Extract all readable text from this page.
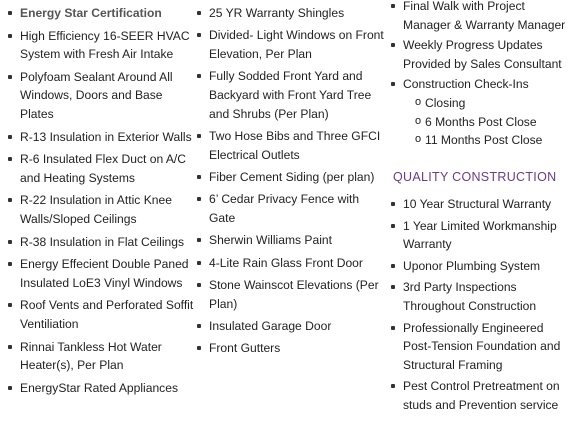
Energy Star Certification
High Efficiency 16-SEER HVAC System with Fresh Air Intake
Polyfoam Sealant Around All Windows, Doors and Base Plates
R-13 Insulation in Exterior Walls
R-6 Insulated Flex Duct on A/C and Heating Systems
R-22 Insulation in Attic Knee Walls/Sloped Ceilings
R-38 Insulation in Flat Ceilings
Energy Effecient Double Paned Insulated LoE3 Vinyl Windows
Roof Vents and Perforated Soffit Ventiliation
Rinnai Tankless Hot Water Heater(s), Per Plan
EnergyStar Rated Appliances
25 YR Warranty Shingles
Divided- Light Windows on Front Elevation, Per Plan
Fully Sodded Front Yard and Backyard with Front Yard Tree and Shrubs (Per Plan)
Two Hose Bibs and Three GFCI Electrical Outlets
Fiber Cement Siding (per plan)
6’ Cedar Privacy Fence with Gate
Sherwin Williams Paint
4-Lite Rain Glass Front Door
Stone Wainscot Elevations (Per Plan)
Insulated Garage Door
Front Gutters
Final Walk with Project Manager & Warranty Manager
Weekly Progress Updates Provided by Sales Consultant
Construction Check-Ins
o Closing
o 6 Months Post Close
o 11 Months Post Close
QUALITY CONSTRUCTION
10 Year Structural Warranty
1 Year Limited Workmanship Warranty
Uponor Plumbing System
3rd Party Inspections Throughout Construction
Professionally Engineered Post-Tension Foundation and Structural Framing
Pest Control Pretreatment on studs and Prevention service
